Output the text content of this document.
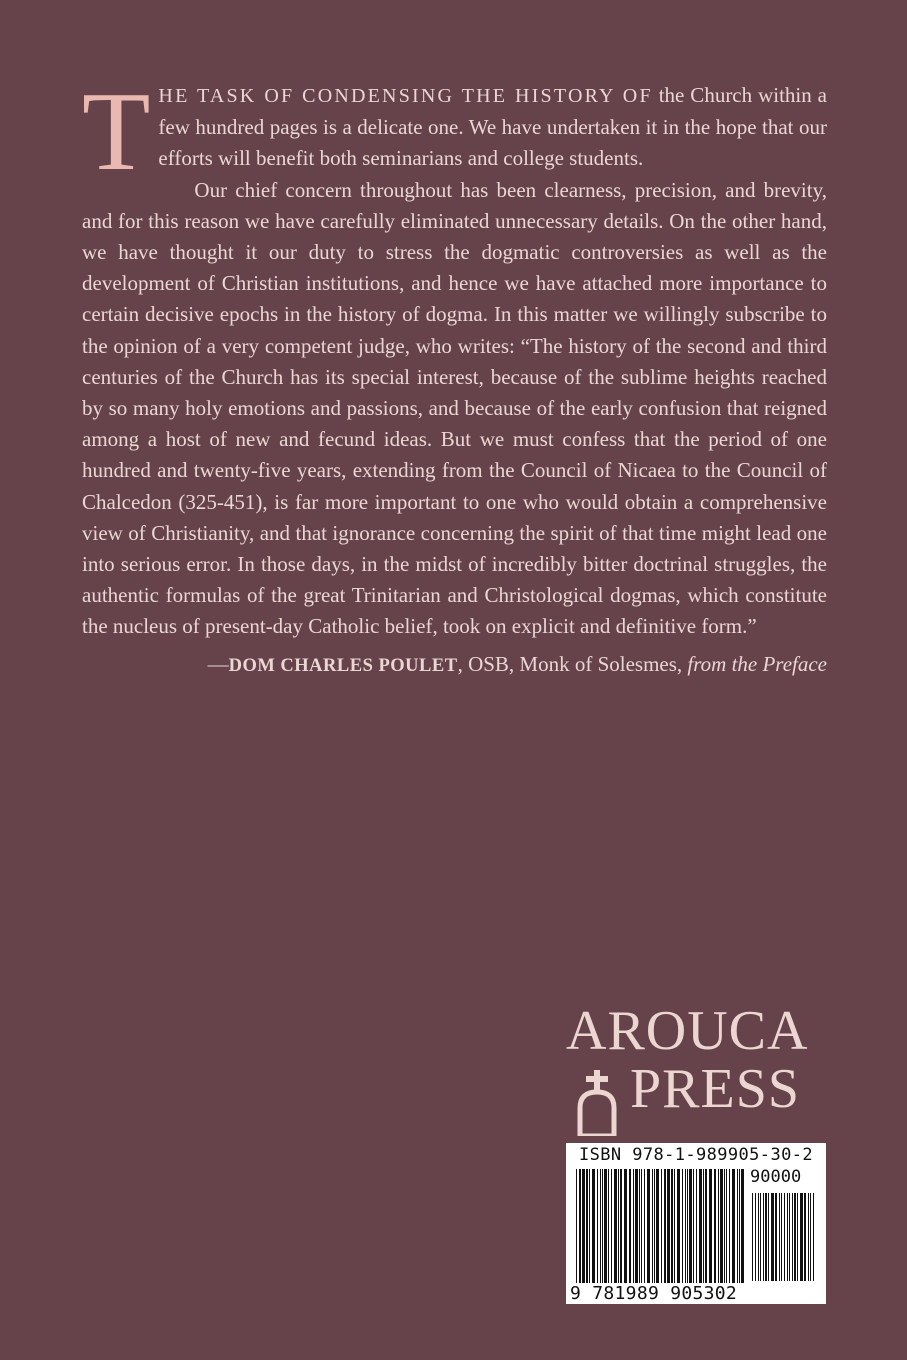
T HE TASK OF CONDENSING THE HISTORY OF the Church within a few hundred pages is a delicate one. We have undertaken it in the hope that our efforts will benefit both seminarians and college students.

Our chief concern throughout has been clearness, precision, and brevity, and for this reason we have carefully eliminated unnecessary details. On the other hand, we have thought it our duty to stress the dogmatic controversies as well as the development of Christian institutions, and hence we have attached more importance to certain decisive epochs in the history of dogma. In this matter we willingly subscribe to the opinion of a very competent judge, who writes: “The history of the second and third centuries of the Church has its special interest, because of the sublime heights reached by so many holy emotions and passions, and because of the early confusion that reigned among a host of new and fecund ideas. But we must confess that the period of one hundred and twenty-five years, extending from the Council of Nicaea to the Council of Chalcedon (325-451), is far more important to one who would obtain a comprehensive view of Christianity, and that ignorance concerning the spirit of that time might lead one into serious error. In those days, in the midst of incredibly bitter doctrinal struggles, the authentic formulas of the great Trinitarian and Christological dogmas, which constitute the nucleus of present-day Catholic belief, took on explicit and definitive form.”

—DOM CHARLES POULET, OSB, Monk of Solesmes, from the Preface

AROUCA
PRESS
ISBN 978-1-989905-30-2
90000
9 781989 905302
